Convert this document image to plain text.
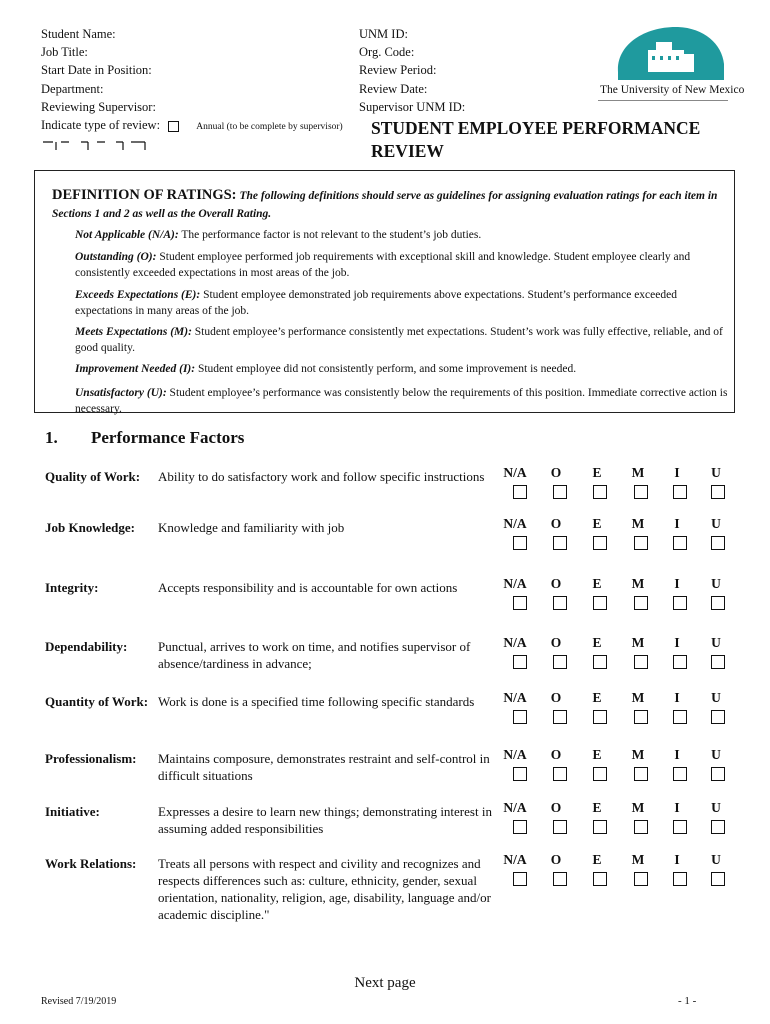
Student Name:
Job Title:
Start Date in Position:
Department:
Reviewing Supervisor:
Indicate type of review:	Annual (to be complete by supervisor)
UNM ID:
Org. Code:
Review Period:
Review Date:
Supervisor UNM ID:
The University of New Mexico
STUDENT EMPLOYEE PERFORMANCE
REVIEW
DEFINITION OF RATINGS: The following definitions should serve as guidelines for assigning evaluation ratings for each item in Sections 1 and 2 as well as the Overall Rating.
Not Applicable (N/A): The performance factor is not relevant to the student’s job duties.
Outstanding (O): Student employee performed job requirements with exceptional skill and knowledge. Student employee clearly and consistently exceeded expectations in most areas of the job.
Exceeds Expectations (E): Student employee demonstrated job requirements above expectations. Student’s performance exceeded expectations in many areas of the job.
Meets Expectations (M): Student employee’s performance consistently met expectations. Student’s work was fully effective, reliable, and of good quality.
Improvement Needed (I): Student employee did not consistently perform, and some improvement is needed.
Unsatisfactory (U): Student employee’s performance was consistently below the requirements of this position. Immediate corrective action is necessary.
1. Performance Factors
Quality of Work: Ability to do satisfactory work and follow specific instructions	N/A	O	E	M	I	U
Job Knowledge: Knowledge and familiarity with job	N/A	O	E	M	I	U
Integrity:	Accepts responsibility and is accountable for own actions	N/A	O	E	M	I	U
Dependability: Punctual, arrives to work on time, and notifies supervisor of absence/tardiness in advance;
N/A	O	E	M	I	U
Quantity of Work: Work is done is a specified time following specific standards	N/A	O	E	M	I	U
Professionalism: Maintains composure, demonstrates restraint and self-control in difficult situations
N/A	O	E	M	I	U
Initiative:	Expresses a desire to learn new things; demonstrating interest in assuming added responsibilities
N/A	O	E	M	I	U
Work Relations: Treats all persons with respect and civility and recognizes and respects differences such as: culture, ethnicity, gender, sexual orientation, nationality, religion, age, disability, language and/or academic discipline."
N/A	O	E	M	I	U
Next page
Revised 7/19/2019	- 1 -
